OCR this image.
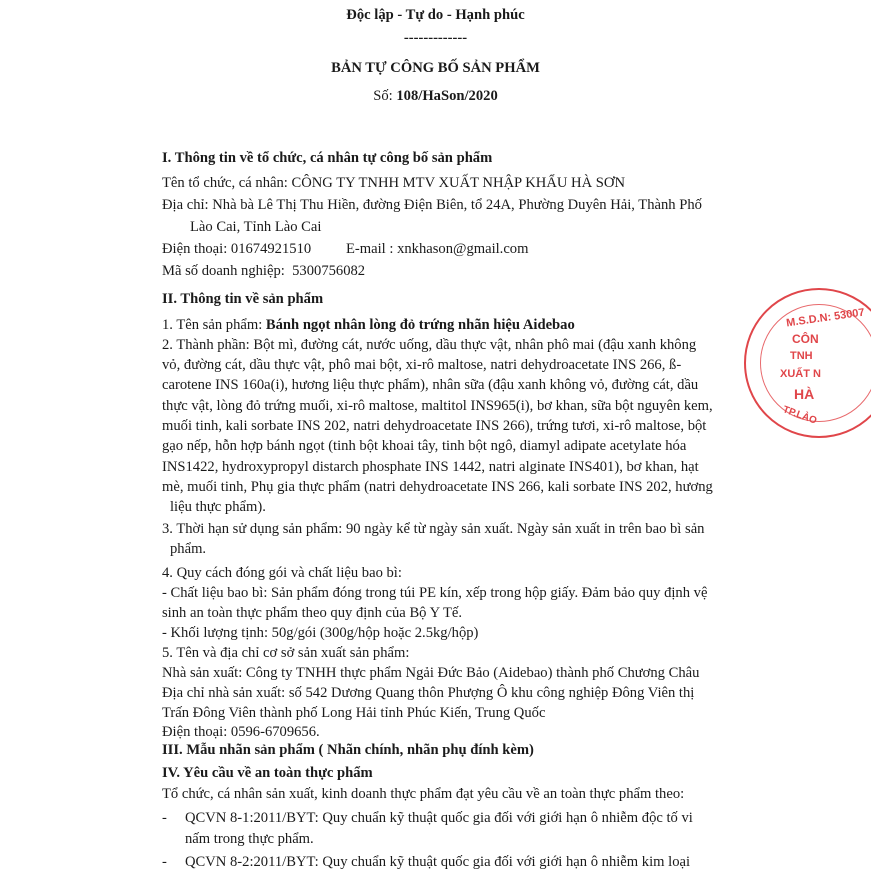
Độc lập - Tự do - Hạnh phúc
-------------
BẢN TỰ CÔNG BỐ SẢN PHẨM
Số: 108/HaSon/2020
I. Thông tin về tổ chức, cá nhân tự công bố sản phẩm
Tên tổ chức, cá nhân: CÔNG TY TNHH MTV XUẤT NHẬP KHẨU HÀ SƠN
Địa chỉ: Nhà bà Lê Thị Thu Hiền, đường Điện Biên, tổ 24A, Phường Duyên Hải, Thành Phố
Lào Cai, Tỉnh Lào Cai
Điện thoại: 01674921510 E-mail : xnkhason@gmail.com
Mã số doanh nghiệp: 5300756082
II. Thông tin về sản phẩm
1. Tên sản phẩm: Bánh ngọt nhân lòng đỏ trứng nhãn hiệu Aidebao
2. Thành phần: Bột mì, đường cát, nước uống, dầu thực vật, nhân phô mai (đậu xanh không
vỏ, đường cát, dầu thực vật, phô mai bột, xi-rô maltose, natri dehydroacetate INS 266, ß-
carotene INS 160a(i), hương liệu thực phẩm), nhân sữa (đậu xanh không vỏ, đường cát, dầu
thực vật, lòng đỏ trứng muối, xi-rô maltose, maltitol INS965(i), bơ khan, sữa bột nguyên kem,
muối tinh, kali sorbate INS 202, natri dehydroacetate INS 266), trứng tươi, xi-rô maltose, bột
gạo nếp, hỗn hợp bánh ngọt (tinh bột khoai tây, tinh bột ngô, diamyl adipate acetylate hóa
INS1422, hydroxypropyl distarch phosphate INS 1442, natri alginate INS401), bơ khan, hạt
mè, muối tinh, Phụ gia thực phẩm (natri dehydroacetate INS 266, kali sorbate INS 202, hương
liệu thực phẩm).
3. Thời hạn sử dụng sản phẩm: 90 ngày kể từ ngày sản xuất. Ngày sản xuất in trên bao bì sản
phẩm.
4. Quy cách đóng gói và chất liệu bao bì:
- Chất liệu bao bì: Sản phẩm đóng trong túi PE kín, xếp trong hộp giấy. Đảm bảo quy định vệ
sinh an toàn thực phẩm theo quy định của Bộ Y Tế.
- Khối lượng tịnh: 50g/gói (300g/hộp hoặc 2.5kg/hộp)
5. Tên và địa chỉ cơ sở sản xuất sản phẩm:
Nhà sản xuất: Công ty TNHH thực phẩm Ngải Đức Bảo (Aidebao) thành phố Chương Châu
Địa chỉ nhà sản xuất: số 542 Dương Quang thôn Phượng Ô khu công nghiệp Đông Viên thị
Trấn Đông Viên thành phố Long Hải tỉnh Phúc Kiến, Trung Quốc
Điện thoại: 0596-6709656.
III. Mẫu nhãn sản phẩm ( Nhãn chính, nhãn phụ đính kèm)
IV. Yêu cầu về an toàn thực phẩm
Tổ chức, cá nhân sản xuất, kinh doanh thực phẩm đạt yêu cầu về an toàn thực phẩm theo:
- QCVN 8-1:2011/BYT: Quy chuẩn kỹ thuật quốc gia đối với giới hạn ô nhiễm độc tố vi
nấm trong thực phẩm.
- QCVN 8-2:2011/BYT: Quy chuẩn kỹ thuật quốc gia đối với giới hạn ô nhiễm kim loại
M.S.D.N: 53007
CÔN
TNH
XUẤT N
HÀ
TP.LÀO
